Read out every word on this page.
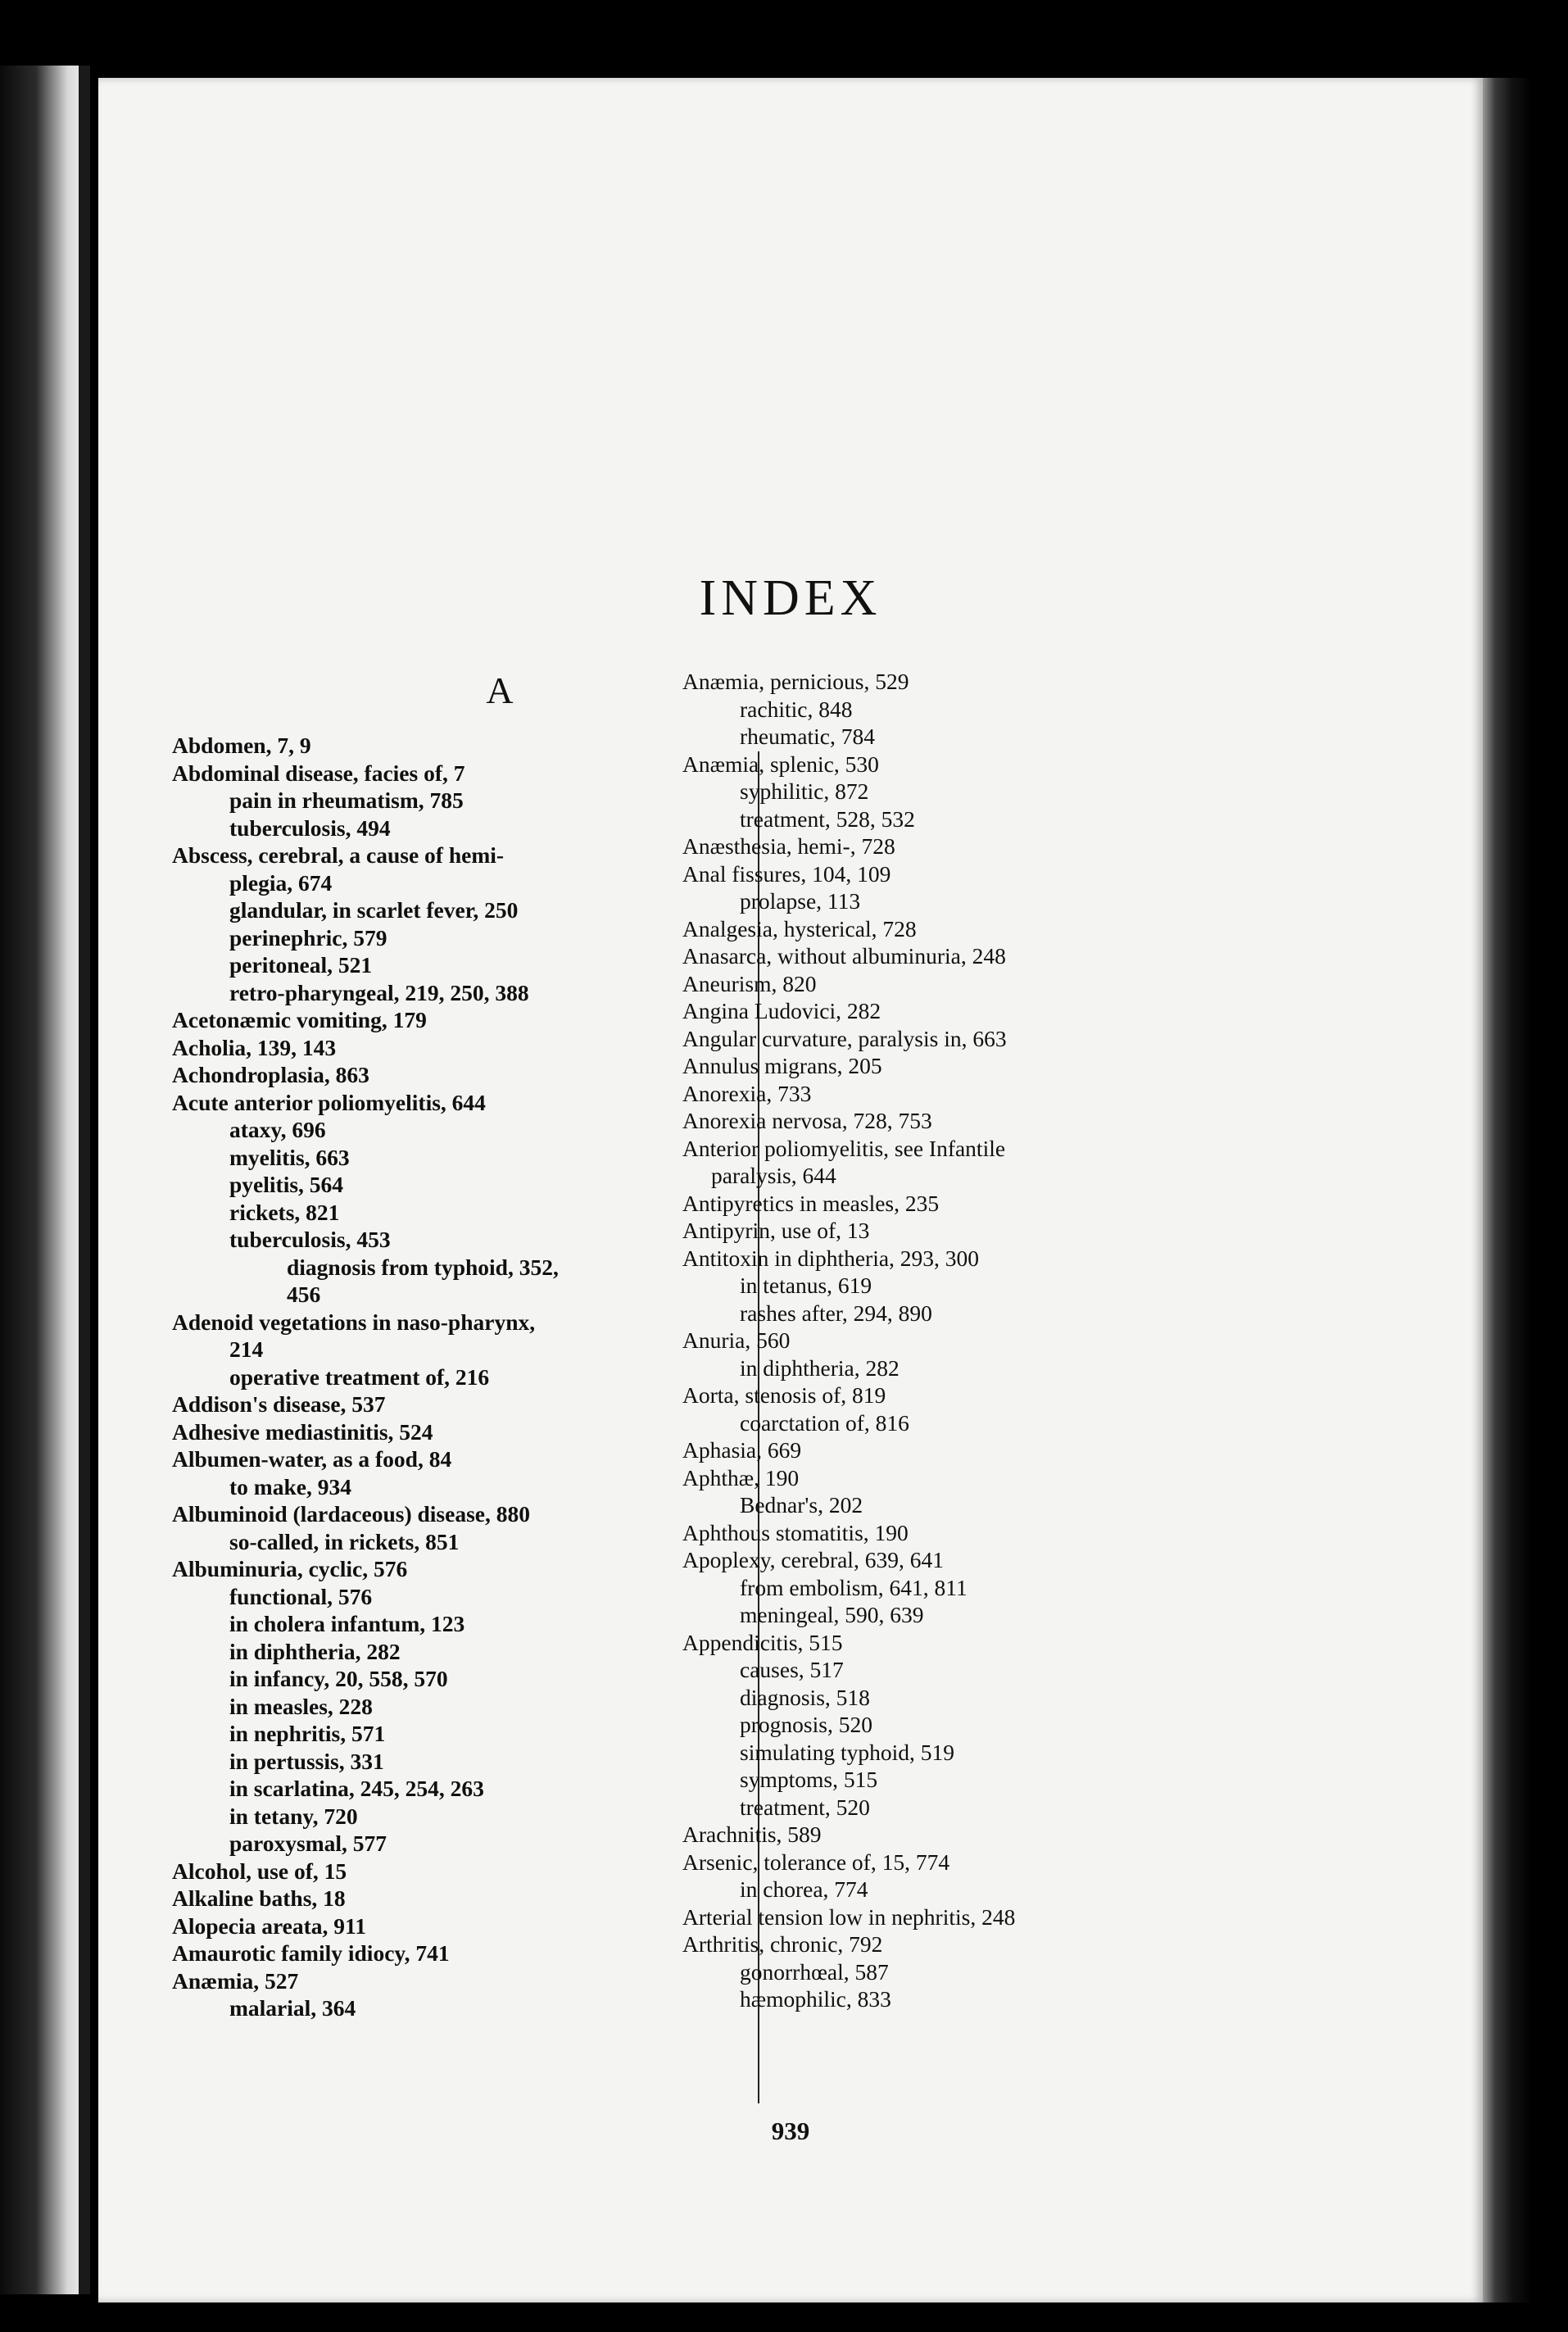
INDEX
939
A
Abdomen, 7, 9
Abdominal disease, facies of, 7
pain in rheumatism, 785
tuberculosis, 494
Abscess, cerebral, a cause of hemi-
plegia, 674
glandular, in scarlet fever, 250
perinephric, 579
peritoneal, 521
retro-pharyngeal, 219, 250, 388
Acetonæmic vomiting, 179
Acholia, 139, 143
Achondroplasia, 863
Acute anterior poliomyelitis, 644
ataxy, 696
myelitis, 663
pyelitis, 564
rickets, 821
tuberculosis, 453
diagnosis from typhoid, 352,
456
Adenoid vegetations in naso-pharynx,
214
operative treatment of, 216
Addison's disease, 537
Adhesive mediastinitis, 524
Albumen-water, as a food, 84
to make, 934
Albuminoid (lardaceous) disease, 880
so-called, in rickets, 851
Albuminuria, cyclic, 576
functional, 576
in cholera infantum, 123
in diphtheria, 282
in infancy, 20, 558, 570
in measles, 228
in nephritis, 571
in pertussis, 331
in scarlatina, 245, 254, 263
in tetany, 720
paroxysmal, 577
Alcohol, use of, 15
Alkaline baths, 18
Alopecia areata, 911
Amaurotic family idiocy, 741
Anæmia, 527
malarial, 364
Anæmia, pernicious, 529
rachitic, 848
rheumatic, 784
Anæmia, splenic, 530
syphilitic, 872
treatment, 528, 532
Anæsthesia, hemi-, 728
Anal fissures, 104, 109
prolapse, 113
Analgesia, hysterical, 728
Anasarca, without albuminuria, 248
Aneurism, 820
Angina Ludovici, 282
Angular curvature, paralysis in, 663
Annulus migrans, 205
Anorexia, 733
Anorexia nervosa, 728, 753
Anterior poliomyelitis, see Infantile
paralysis, 644
Antipyretics in measles, 235
Antipyrin, use of, 13
Antitoxin in diphtheria, 293, 300
in tetanus, 619
rashes after, 294, 890
Anuria, 560
in diphtheria, 282
Aorta, stenosis of, 819
coarctation of, 816
Aphasia, 669
Aphthæ, 190
Bednar's, 202
Aphthous stomatitis, 190
Apoplexy, cerebral, 639, 641
from embolism, 641, 811
meningeal, 590, 639
Appendicitis, 515
causes, 517
diagnosis, 518
prognosis, 520
simulating typhoid, 519
symptoms, 515
treatment, 520
Arachnitis, 589
Arsenic, tolerance of, 15, 774
in chorea, 774
Arterial tension low in nephritis, 248
Arthritis, chronic, 792
gonorrhœal, 587
hæmophilic, 833
